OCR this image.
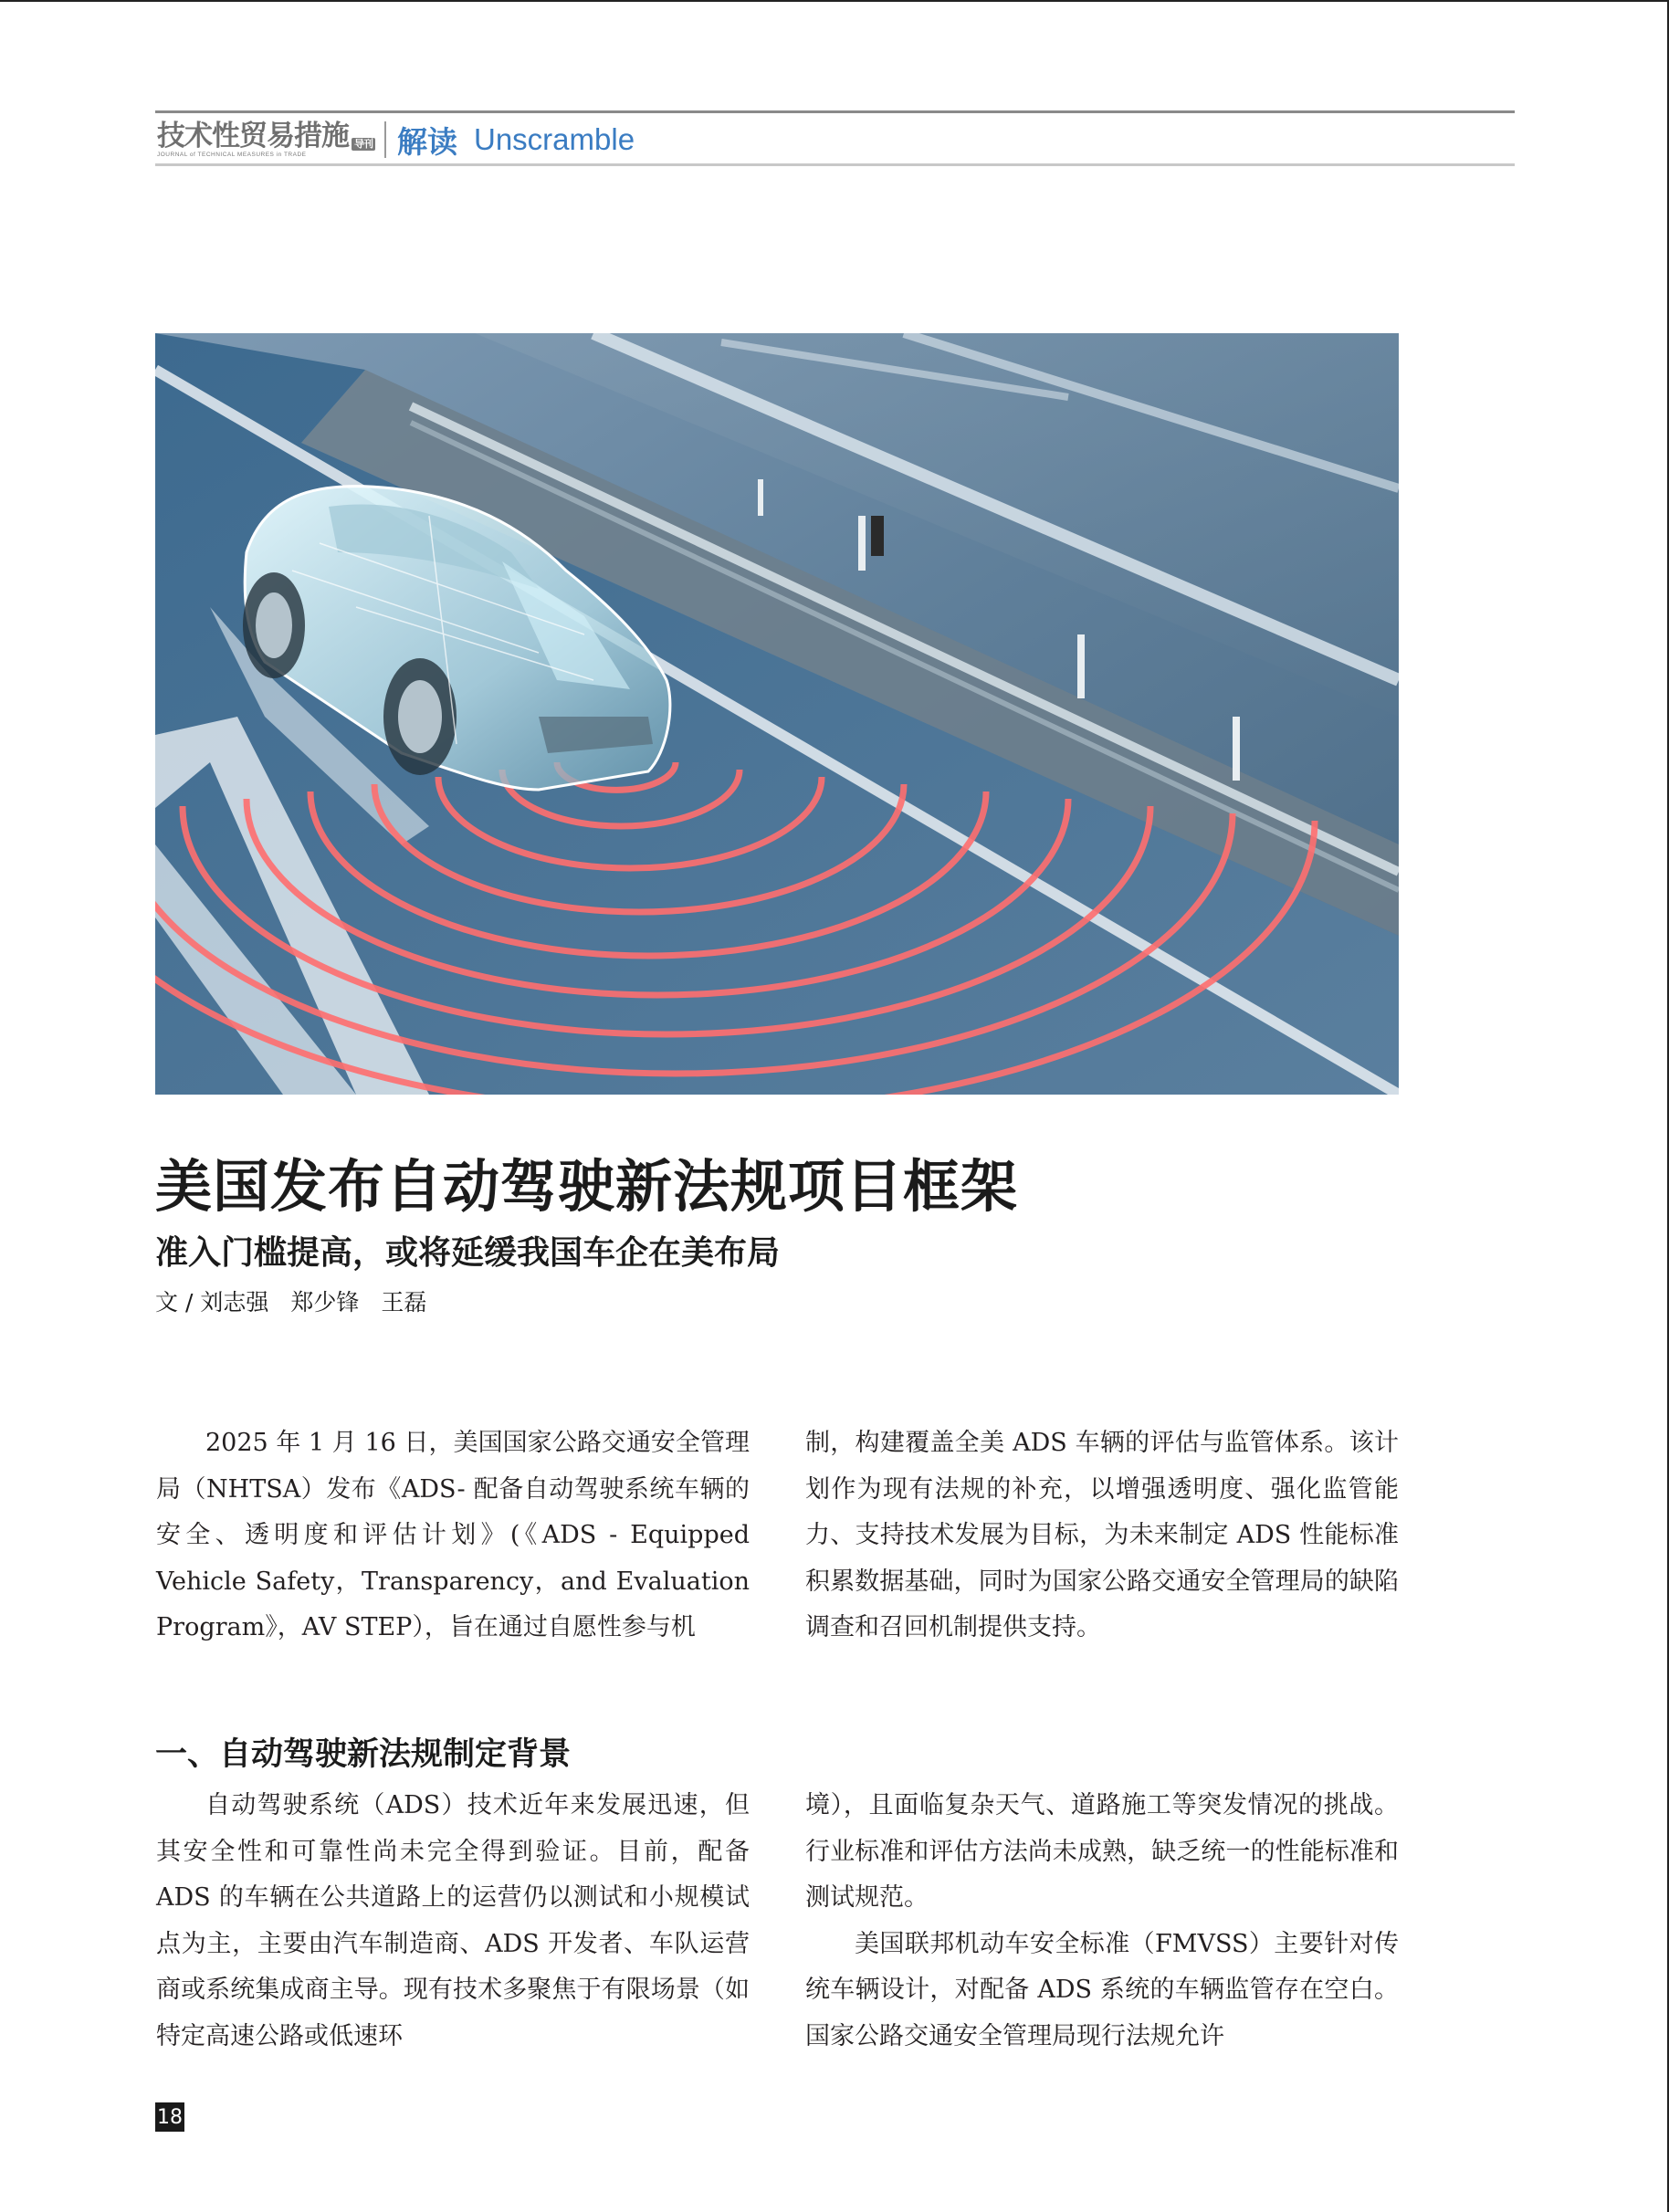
技术性贸易措施 导刊
JOURNAL of TECHNICAL MEASURES in TRADE	解读 Unscramble
美国发布自动驾驶新法规项目框架
准入门槛提高，或将延缓我国车企在美布局
文 / 刘志强 郑少锋 王磊

2025 年 1 月 16 日，美国国家公路交通安全管理局（NHTSA）发布《ADS- 配备自动驾驶系统车辆的安全、透明度和评估计划》(《ADS - Equipped Vehicle Safety，Transparency，and Evaluation Program》，AV STEP），旨在通过自愿性参与机

制，构建覆盖全美 ADS 车辆的评估与监管体系。该计划作为现有法规的补充，以增强透明度、强化监管能力、支持技术发展为目标，为未来制定 ADS 性能标准积累数据基础，同时为国家公路交通安全管理局的缺陷调查和召回机制提供支持。

一、自动驾驶新法规制定背景

自动驾驶系统（ADS）技术近年来发展迅速，但其安全性和可靠性尚未完全得到验证。目前，配备 ADS 的车辆在公共道路上的运营仍以测试和小规模试点为主，主要由汽车制造商、ADS 开发者、车队运营商或系统集成商主导。现有技术多聚焦于有限场景（如特定高速公路或低速环

境），且面临复杂天气、道路施工等突发情况的挑战。行业标准和评估方法尚未成熟，缺乏统一的性能标准和测试规范。

美国联邦机动车安全标准（FMVSS）主要针对传统车辆设计，对配备 ADS 系统的车辆监管存在空白。国家公路交通安全管理局现行法规允许

18
